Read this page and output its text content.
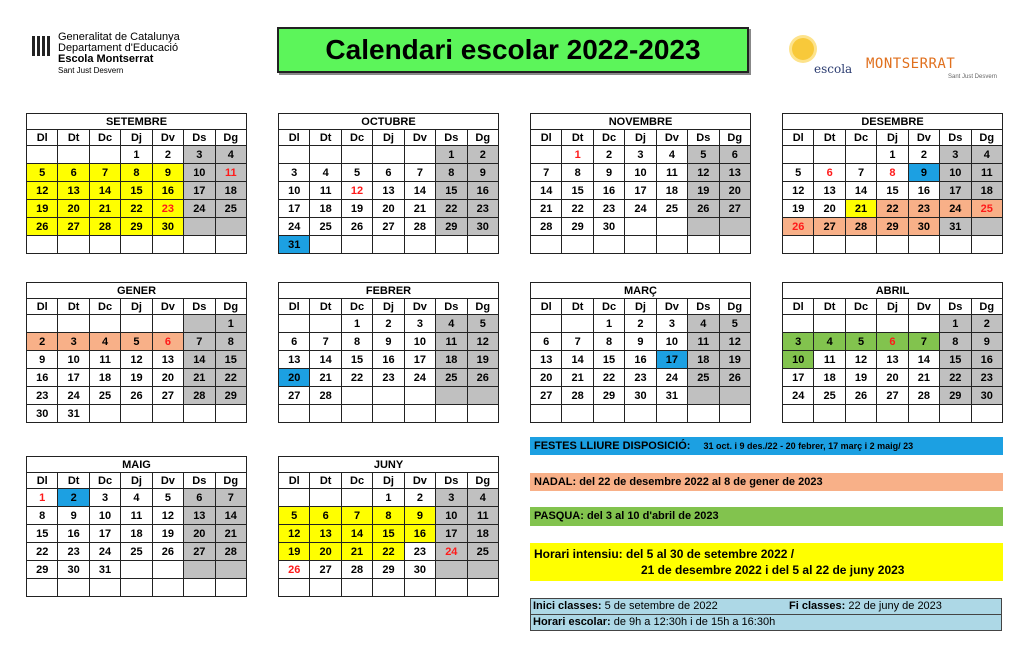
Generalitat de Catalunya
Departament d'Educació
Escola Montserrat
Sant Just Desvern
Calendari escolar 2022-2023
escola MONTSERRAT
Sant Just Desvern
SETEMBRE						
Dl	Dt	Dc	Dj	Dv	Ds	Dg
			1	2	3	4
5	6	7	8	9	10	11
12	13	14	15	16	17	18
19	20	21	22	23	24	25
26	27	28	29	30		

OCTUBRE						
Dl	Dt	Dc	Dj	Dv	Ds	Dg
					1	2
3	4	5	6	7	8	9
10	11	12	13	14	15	16
17	18	19	20	21	22	23
24	25	26	27	28	29	30
31						
NOVEMBRE						
Dl	Dt	Dc	Dj	Dv	Ds	Dg
	1	2	3	4	5	6
7	8	9	10	11	12	13
14	15	16	17	18	19	20
21	22	23	24	25	26	27
28	29	30				

DESEMBRE						
Dl	Dt	Dc	Dj	Dv	Ds	Dg
			1	2	3	4
5	6	7	8	9	10	11
12	13	14	15	16	17	18
19	20	21	22	23	24	25
26	27	28	29	30	31	

GENER						
Dl	Dt	Dc	Dj	Dv	Ds	Dg
						1
2	3	4	5	6	7	8
9	10	11	12	13	14	15
16	17	18	19	20	21	22
23	24	25	26	27	28	29
30	31					
FEBRER						
Dl	Dt	Dc	Dj	Dv	Ds	Dg
		1	2	3	4	5
6	7	8	9	10	11	12
13	14	15	16	17	18	19
20	21	22	23	24	25	26
27	28					

MARÇ						
Dl	Dt	Dc	Dj	Dv	Ds	Dg
		1	2	3	4	5
6	7	8	9	10	11	12
13	14	15	16	17	18	19
20	21	22	23	24	25	26
27	28	29	30	31		

ABRIL						
Dl	Dt	Dc	Dj	Dv	Ds	Dg
					1	2
3	4	5	6	7	8	9
10	11	12	13	14	15	16
17	18	19	20	21	22	23
24	25	26	27	28	29	30

MAIG						
Dl	Dt	Dc	Dj	Dv	Ds	Dg
1	2	3	4	5	6	7
8	9	10	11	12	13	14
15	16	17	18	19	20	21
22	23	24	25	26	27	28
29	30	31				

JUNY						
Dl	Dt	Dc	Dj	Dv	Ds	Dg
			1	2	3	4
5	6	7	8	9	10	11
12	13	14	15	16	17	18
19	20	21	22	23	24	25
26	27	28	29	30		

FESTES LLIURE DISPOSICIÓ: 31 oct. i 9 des./22 - 20 febrer, 17 març i 2 maig/ 23
NADAL: del 22 de desembre 2022 al 8 de gener de 2023
PASQUA: del 3 al 10 d'abril de 2023
Horari intensiu: del 5 al 30 de setembre 2022 /
21 de desembre 2022 i del 5 al 22 de juny 2023
Inici classes: 5 de setembre de 2022	Fi classes: 22 de juny de 2023
Horari escolar: de 9h a 12:30h i de 15h a 16:30h
